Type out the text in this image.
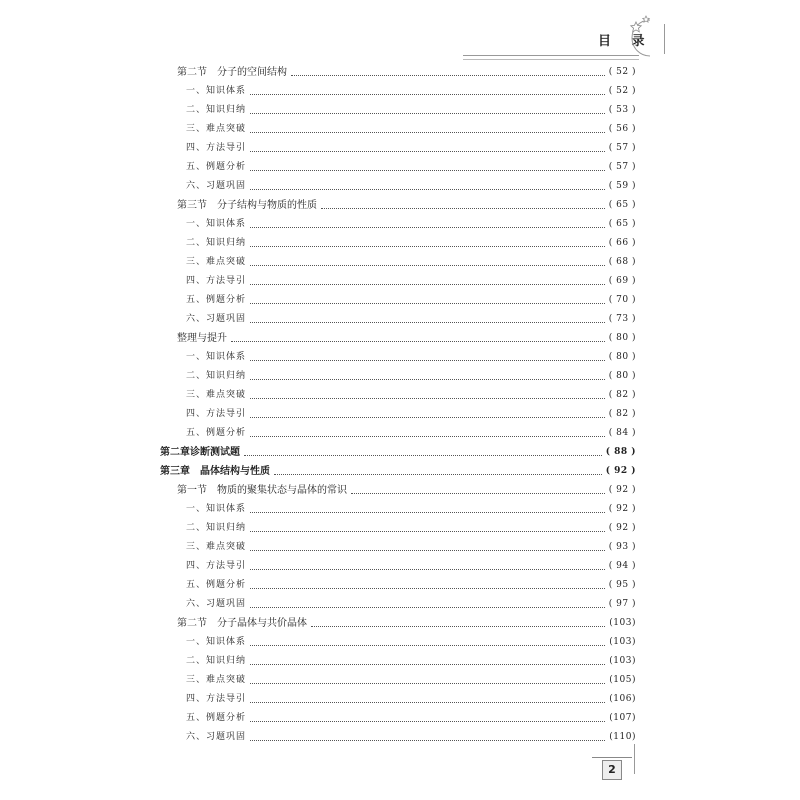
目 录
第二节　分子的空间结构	( 52 )
一、知识体系	( 52 )
二、知识归纳	( 53 )
三、难点突破	( 56 )
四、方法导引	( 57 )
五、例题分析	( 57 )
六、习题巩固	( 59 )
第三节　分子结构与物质的性质	( 65 )
一、知识体系	( 65 )
二、知识归纳	( 66 )
三、难点突破	( 68 )
四、方法导引	( 69 )
五、例题分析	( 70 )
六、习题巩固	( 73 )
整理与提升	( 80 )
一、知识体系	( 80 )
二、知识归纳	( 80 )
三、难点突破	( 82 )
四、方法导引	( 82 )
五、例题分析	( 84 )
第二章诊断测试题	( 88 )
第三章　晶体结构与性质	( 92 )
第一节　物质的聚集状态与晶体的常识	( 92 )
一、知识体系	( 92 )
二、知识归纳	( 92 )
三、难点突破	( 93 )
四、方法导引	( 94 )
五、例题分析	( 95 )
六、习题巩固	( 97 )
第二节　分子晶体与共价晶体	(103)
一、知识体系	(103)
二、知识归纳	(103)
三、难点突破	(105)
四、方法导引	(106)
五、例题分析	(107)
六、习题巩固	(110)
2
